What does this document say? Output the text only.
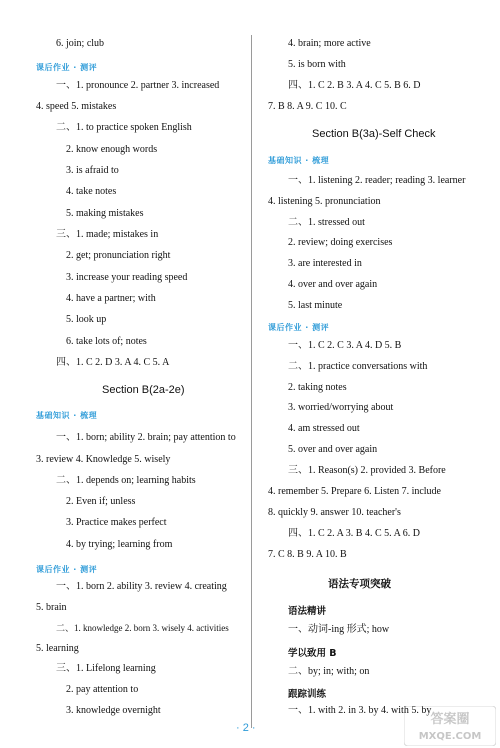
6. join; club
课后作业 · 测评
一、1. pronounce 2. partner 3. increased
4. speed 5. mistakes
二、1. to practice spoken English
2. know enough words
3. is afraid to
4. take notes
5. making mistakes
三、1. made; mistakes in
2. get; pronunciation right
3. increase your reading speed
4. have a partner; with
5. look up
6. take lots of; notes
四、1. C 2. D 3. A 4. C 5. A
Section B(2a-2e)
基础知识 · 梳理
一、1. born; ability 2. brain; pay attention to
3. review 4. Knowledge 5. wisely
二、1. depends on; learning habits
2. Even if; unless
3. Practice makes perfect
4. by trying; learning from
课后作业 · 测评
一、1. born 2. ability 3. review 4. creating
5. brain
二、1. knowledge 2. born 3. wisely 4. activities
5. learning
三、1. Lifelong learning
2. pay attention to
3. knowledge overnight
4. brain; more active
5. is born with
四、1. C 2. B 3. A 4. C 5. B 6. D
7. B 8. A 9. C 10. C
Section B(3a)-Self Check
基础知识 · 梳理
一、1. listening 2. reader; reading 3. learner
4. listening 5. pronunciation
二、1. stressed out
2. review; doing exercises
3. are interested in
4. over and over again
5. last minute
课后作业 · 测评
一、1. C 2. C 3. A 4. D 5. B
二、1. practice conversations with
2. taking notes
3. worried/worrying about
4. am stressed out
5. over and over again
三、1. Reason(s) 2. provided 3. Before
4. remember 5. Prepare 6. Listen 7. include
8. quickly 9. answer 10. teacher's
四、1. C 2. A 3. B 4. C 5. A 6. D
7. C 8. B 9. A 10. B
语法专项突破
语法精讲
一、动词-ing 形式; how
学以致用 B
二、by; in; with; on
跟踪训练
一、1. with 2. in 3. by 4. with 5. by
· 2 ·
答案圈
MXQE.COM
